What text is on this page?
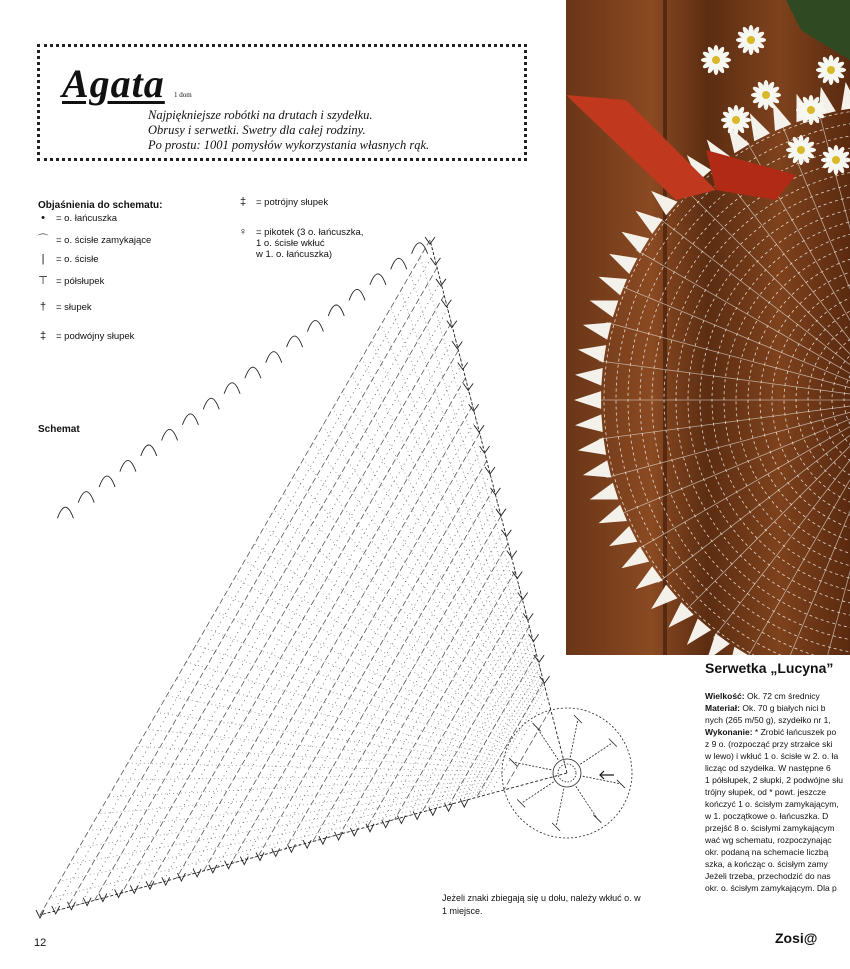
Agata 1 dom
Najpiękniejsze robótki na drutach i szydełku.
Obrusy i serwetki. Swetry dla całej rodziny.
Po prostu: 1001 pomysłów wykorzystania własnych rąk.
Objaśnienia do schematu:
•	= o. łańcuszka
⌒ = o. ścisłe zamykające
|	= o. ścisłe
⊤ = półsłupek
†	= słupek
‡	= podwójny słupek
‡	= potrójny słupek
♀ = pikotek (3 o. łańcuszka,
1 o. ścisłe wkłuć
w 1. o. łańcuszka)
Schemat
Serwetka „Lucyna”
Wielkość: Ok. 72 cm średnicy
Materiał: Ok. 70 g białych nici b
nych (265 m/50 g), szydełko nr 1,
Wykonanie: * Zrobić łańcuszek po
z 9 o. (rozpocząć przy strzałce ski
w lewo) i wkłuć 1 o. ścisłe w 2. o. ła
licząc od szydełka. W następne 6
1 półsłupek, 2 słupki, 2 podwójne słu
trójny słupek, od * powt. jeszcze
kończyć 1 o. ścisłym zamykającym,
w 1. początkowe o. łańcuszka. D
przejść 8 o. ścisłymi zamykającym
wać wg schematu, rozpoczynając
okr. podaną na schemacie liczbą
szka, a kończąc o. ścisłym zamy
Jeżeli trzeba, przechodzić do nas
okr. o. ścisłym zamykającym. Dla p
Jeżeli znaki zbiegają się u dołu, należy wkłuć o. w 1 miejsce.
12	Zosi@
